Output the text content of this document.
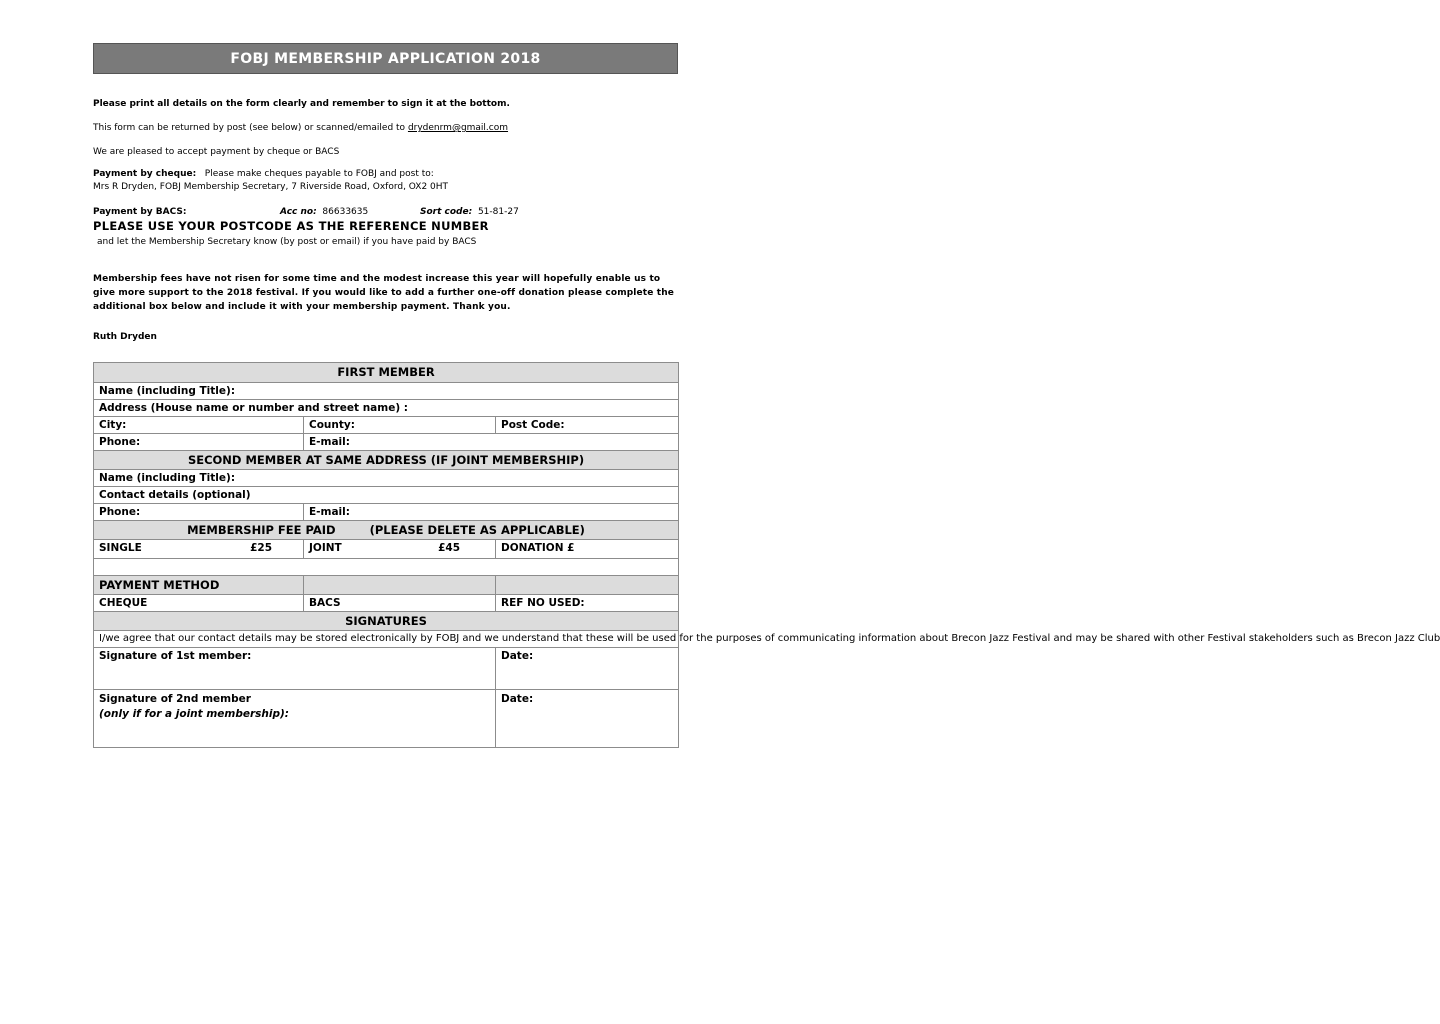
FOBJ MEMBERSHIP APPLICATION 2018
Please print all details on the form clearly and remember to sign it at the bottom.
This form can be returned by post (see below) or scanned/emailed to drydenrm@gmail.com
We are pleased to accept payment by cheque or BACS
Payment by cheque: Please make cheques payable to FOBJ and post to:
Mrs R Dryden, FOBJ Membership Secretary, 7 Riverside Road, Oxford, OX2 0HT
Payment by BACS:	Acc no: 86633635	Sort code: 51-81-27
PLEASE USE YOUR POSTCODE AS THE REFERENCE NUMBER
and let the Membership Secretary know (by post or email) if you have paid by BACS
Membership fees have not risen for some time and the modest increase this year will hopefully enable us to give more support to the 2018 festival. If you would like to add a further one-off donation please complete the additional box below and include it with your membership payment. Thank you.
Ruth Dryden
FIRST MEMBER		
Name (including Title):		
Address (House name or number and street name) :		
City:	County:	Post Code:
Phone:	E-mail:	
SECOND MEMBER AT SAME ADDRESS (IF JOINT MEMBERSHIP)		
Name (including Title):		
Contact details (optional)		
Phone:	E-mail:	
MEMBERSHIP FEE PAID (PLEASE DELETE AS APPLICABLE)		
SINGLE £25	JOINT £45	DONATION £

PAYMENT METHOD		
CHEQUE	BACS	REF NO USED:
SIGNATURES		
I/we agree that our contact details may be stored electronically by FOBJ and we understand that these will be used for the purposes of communicating information about Brecon Jazz Festival and may be shared with other Festival stakeholders such as Brecon Jazz Club		
Signature of 1st member:		Date:

Signature of 2nd member
(only if for a joint membership):		Date:
